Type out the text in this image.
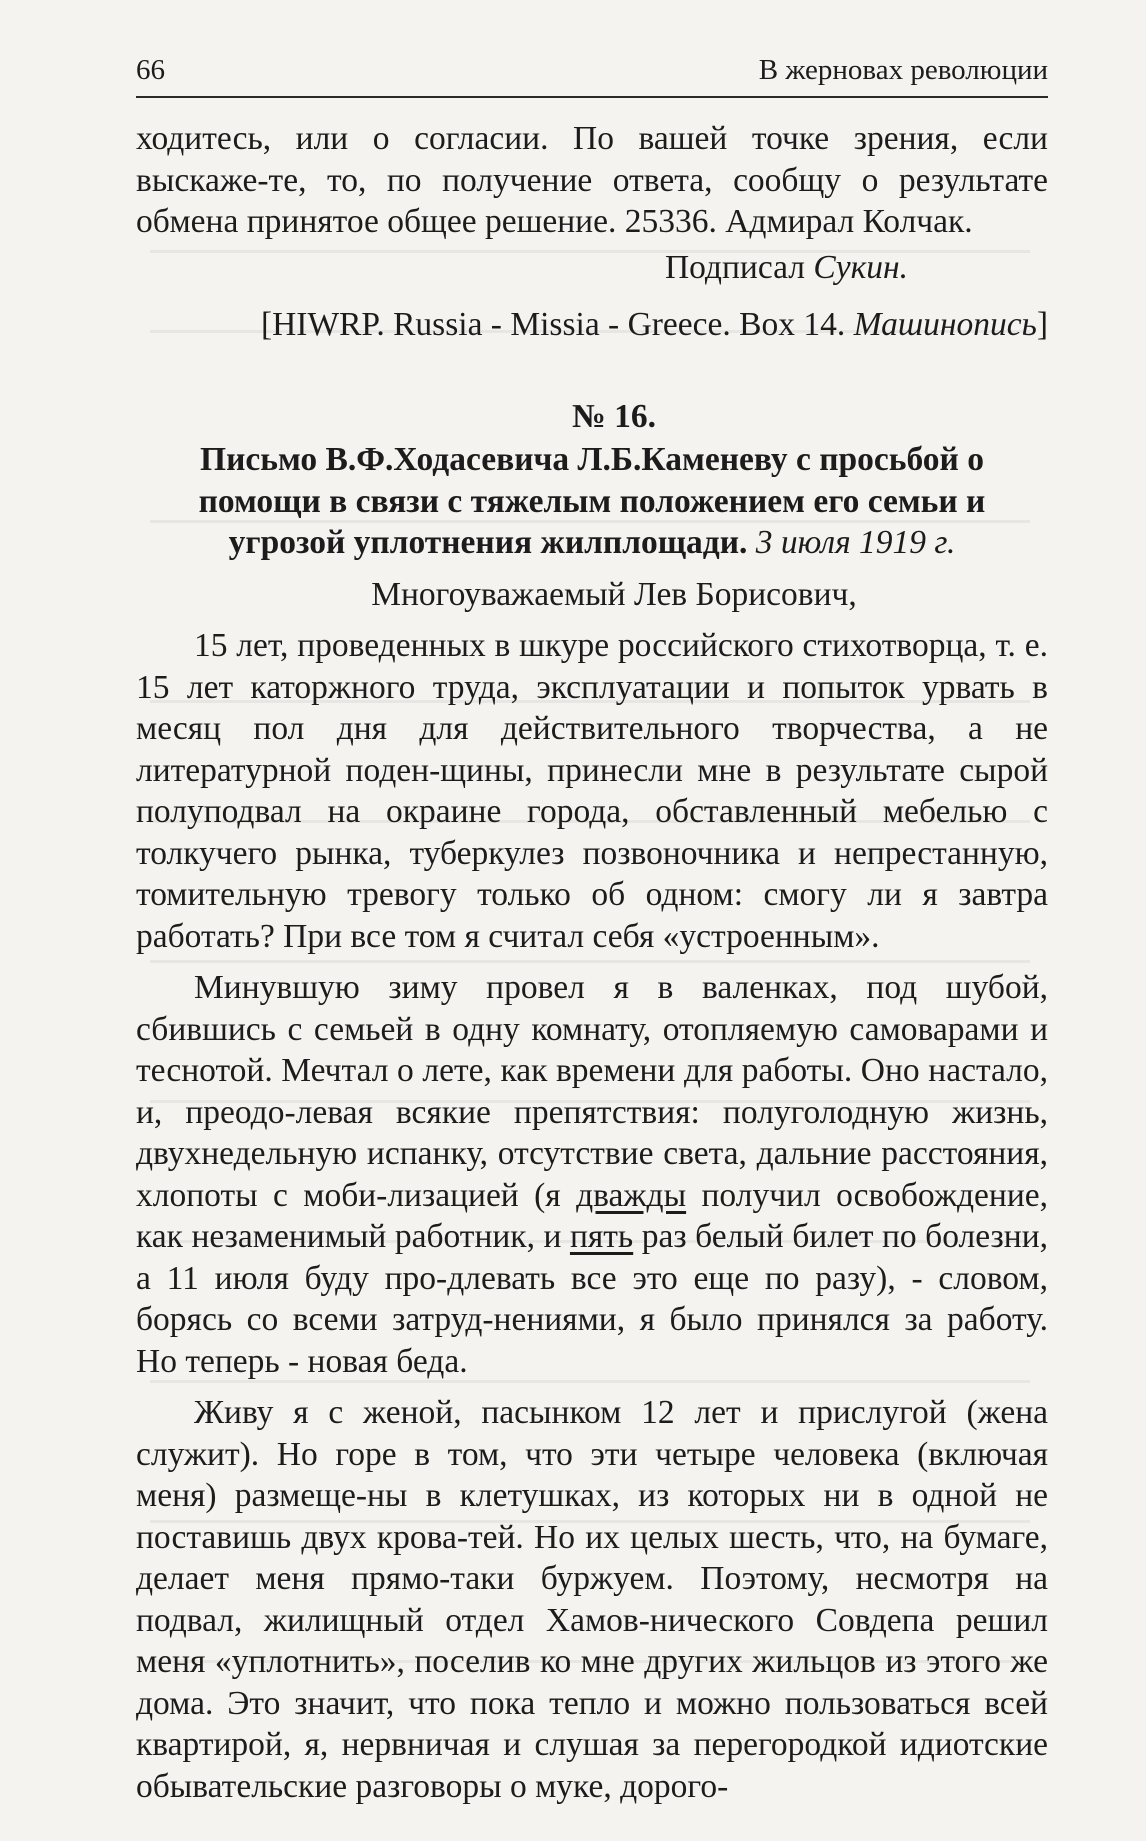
66	В жерновах революции

ходитесь, или о согласии. По вашей точке зрения, если выскаже-те, то, по получение ответа, сообщу о результате обмена принятое общее решение. 25336. Адмирал Колчак.

Подписал Сукин.

[HIWRP. Russia - Missia - Greece. Box 14. Машинопись]

№ 16.

Письмо В.Ф.Ходасевича Л.Б.Каменеву с просьбой о помощи в связи с тяжелым положением его семьи и угрозой уплотнения жилплощади. 3 июля 1919 г.

Многоуважаемый Лев Борисович,

15 лет, проведенных в шкуре российского стихотворца, т. е. 15 лет каторжного труда, эксплуатации и попыток урвать в месяц пол дня для действительного творчества, а не литературной поден-щины, принесли мне в результате сырой полуподвал на окраине города, обставленный мебелью с толкучего рынка, туберкулез позвоночника и непрестанную, томительную тревогу только об одном: смогу ли я завтра работать? При все том я считал себя «устроенным».

Минувшую зиму провел я в валенках, под шубой, сбившись с семьей в одну комнату, отопляемую самоварами и теснотой. Мечтал о лете, как времени для работы. Оно настало, и, преодо-левая всякие препятствия: полуголодную жизнь, двухнедельную испанку, отсутствие света, дальние расстояния, хлопоты с моби-лизацией (я дважды получил освобождение, как незаменимый работник, и пять раз белый билет по болезни, а 11 июля буду про-длевать все это еще по разу), - словом, борясь со всеми затруд-нениями, я было принялся за работу. Но теперь - новая беда.

Живу я с женой, пасынком 12 лет и прислугой (жена служит). Но горе в том, что эти четыре человека (включая меня) размеще-ны в клетушках, из которых ни в одной не поставишь двух крова-тей. Но их целых шесть, что, на бумаге, делает меня прямо-таки буржуем. Поэтому, несмотря на подвал, жилищный отдел Хамов-нического Совдепа решил меня «уплотнить», поселив ко мне других жильцов из этого же дома. Это значит, что пока тепло и можно пользоваться всей квартирой, я, нервничая и слушая за перегородкой идиотские обывательские разговоры о муке, дорого-
